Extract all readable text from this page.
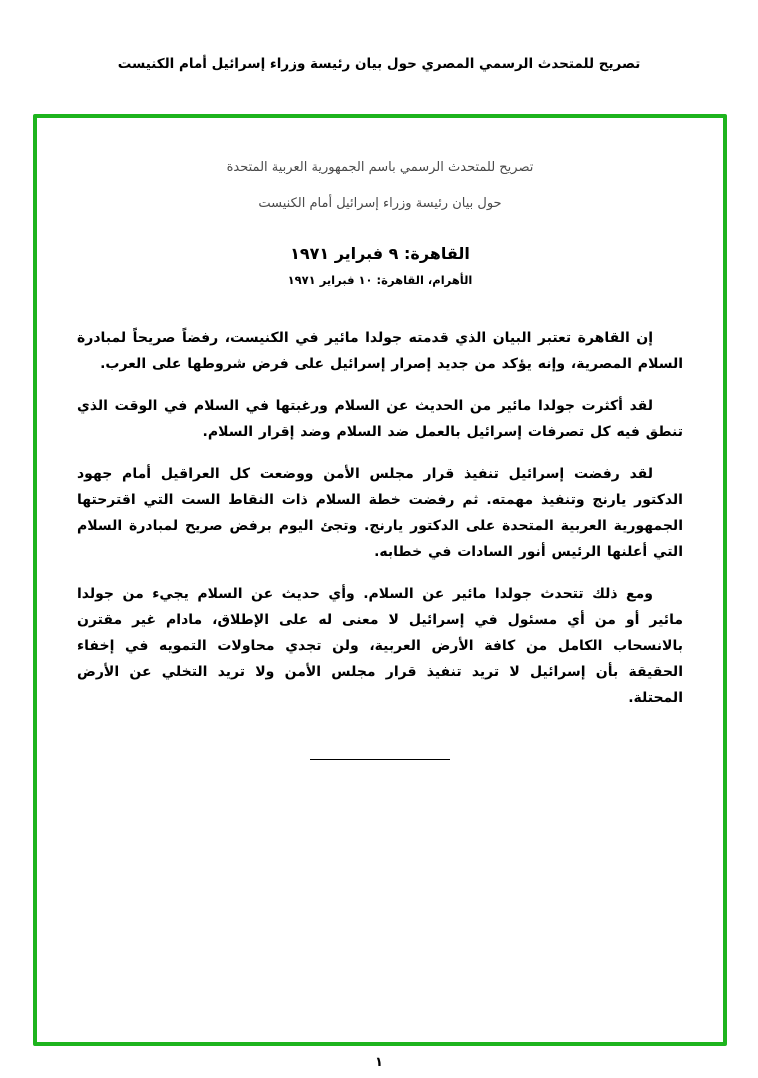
تصريح للمتحدث الرسمي المصري حول بيان رئيسة وزراء إسرائيل أمام الكنيست
تصريح للمتحدث الرسمي باسم الجمهورية العربية المتحدة
حول بيان رئيسة وزراء إسرائيل أمام الكنيست
القاهرة: ٩ فبراير ١٩٧١
الأهرام، القاهرة: ١٠ فبراير ١٩٧١

إن القاهرة تعتبر البيان الذي قدمته جولدا مائير في الكنيست، رفضاً صريحاً لمبادرة السلام المصرية، وإنه يؤكد من جديد إصرار إسرائيل على فرض شروطها على العرب.

لقد أكثرت جولدا مائير من الحديث عن السلام ورغبتها في السلام في الوقت الذي تنطق فيه كل تصرفات إسرائيل بالعمل ضد السلام وضد إقرار السلام.

لقد رفضت إسرائيل تنفيذ قرار مجلس الأمن ووضعت كل العراقيل أمام جهود الدكتور يارنج وتنفيذ مهمته. ثم رفضت خطة السلام ذات النقاط الست التي اقترحتها الجمهورية العربية المتحدة على الدكتور يارنج. وتجئ اليوم برفض صريح لمبادرة السلام التي أعلنها الرئيس أنور السادات في خطابه.

ومع ذلك تتحدث جولدا مائير عن السلام. وأي حديث عن السلام يجيء من جولدا مائير أو من أي مسئول في إسرائيل لا معنى له على الإطلاق، مادام غير مقترن بالانسحاب الكامل من كافة الأرض العربية، ولن تجدي محاولات التمويه في إخفاء الحقيقة بأن إسرائيل لا تريد تنفيذ قرار مجلس الأمن ولا تريد التخلي عن الأرض المحتلة.

١
